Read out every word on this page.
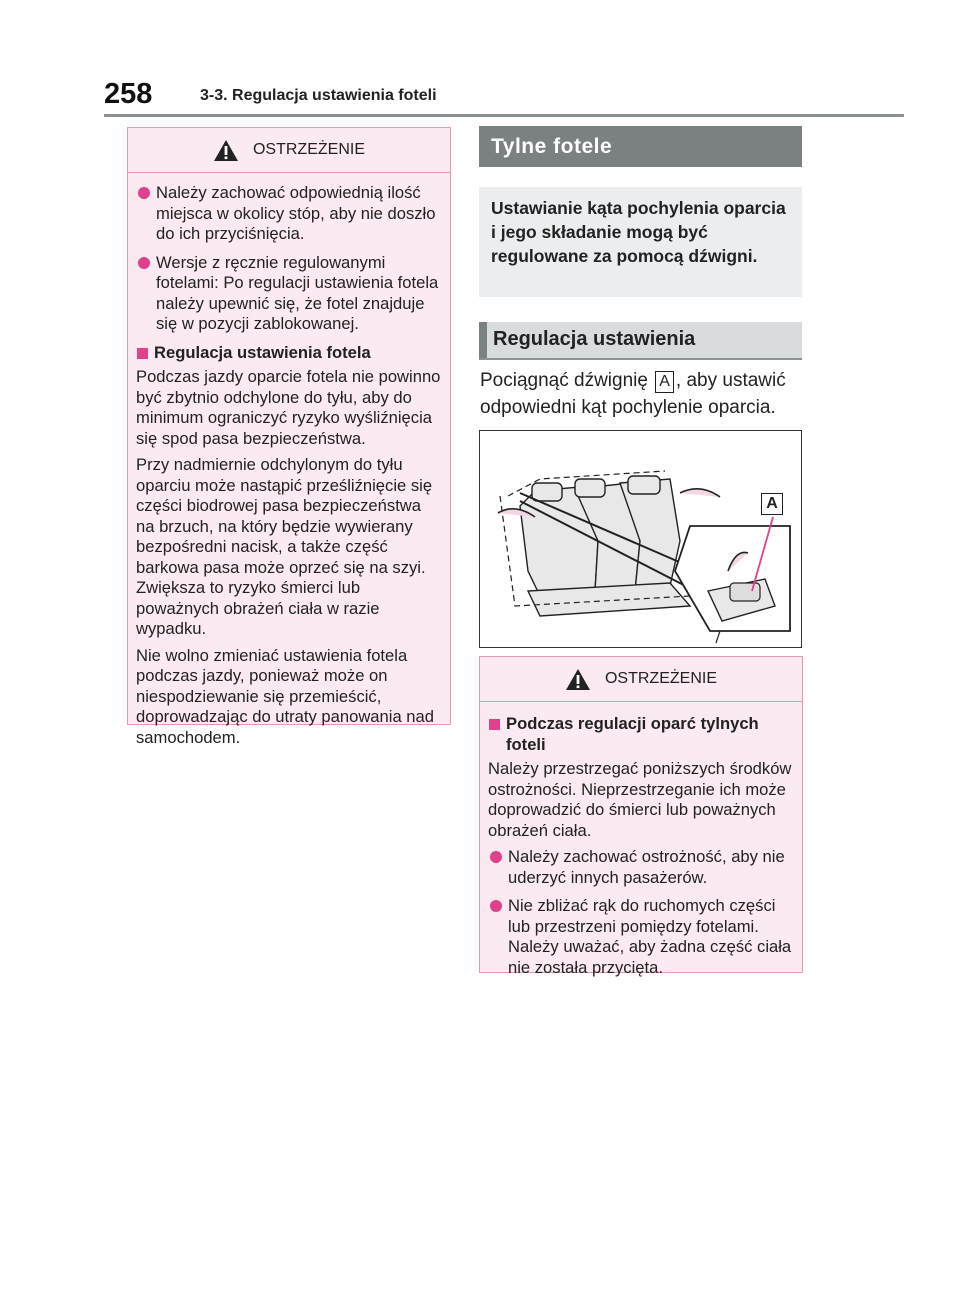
258	3-3. Regulacja ustawienia foteli
OSTRZEŻENIE
Należy zachować odpowiednią ilość miejsca w okolicy stóp, aby nie doszło do ich przyciśnięcia.
Wersje z ręcznie regulowanymi fotelami: Po regulacji ustawienia fotela należy upewnić się, że fotel znajduje się w pozycji zablokowanej.
Regulacja ustawienia fotela

Podczas jazdy oparcie fotela nie powinno być zbytnio odchylone do tyłu, aby do minimum ograniczyć ryzyko wyśliźnięcia się spod pasa bezpieczeństwa.

Przy nadmiernie odchylonym do tyłu oparciu może nastąpić prześliźnięcie się części biodrowej pasa bezpieczeństwa na brzuch, na który będzie wywierany bezpośredni nacisk, a także część barkowa pasa może oprzeć się na szyi. Zwiększa to ryzyko śmierci lub poważnych obrażeń ciała w razie wypadku.

Nie wolno zmieniać ustawienia fotela podczas jazdy, ponieważ może on niespodziewanie się przemieścić, doprowadzając do utraty panowania nad samochodem.

Tylne fotele
Ustawianie kąta pochylenia oparcia i jego składanie mogą być regulowane za pomocą dźwigni.
Regulacja ustawienia
Pociągnąć dźwignię A , aby ustawić odpowiedni kąt pochylenie oparcia.
A
OSTRZEŻENIE
Podczas regulacji oparć tylnych foteli

Należy przestrzegać poniższych środków ostrożności. Nieprzestrzeganie ich może doprowadzić do śmierci lub poważnych obrażeń ciała.

Należy zachować ostrożność, aby nie uderzyć innych pasażerów.
Nie zbliżać rąk do ruchomych części lub przestrzeni pomiędzy fotelami. Należy uważać, aby żadna część ciała nie została przycięta.
